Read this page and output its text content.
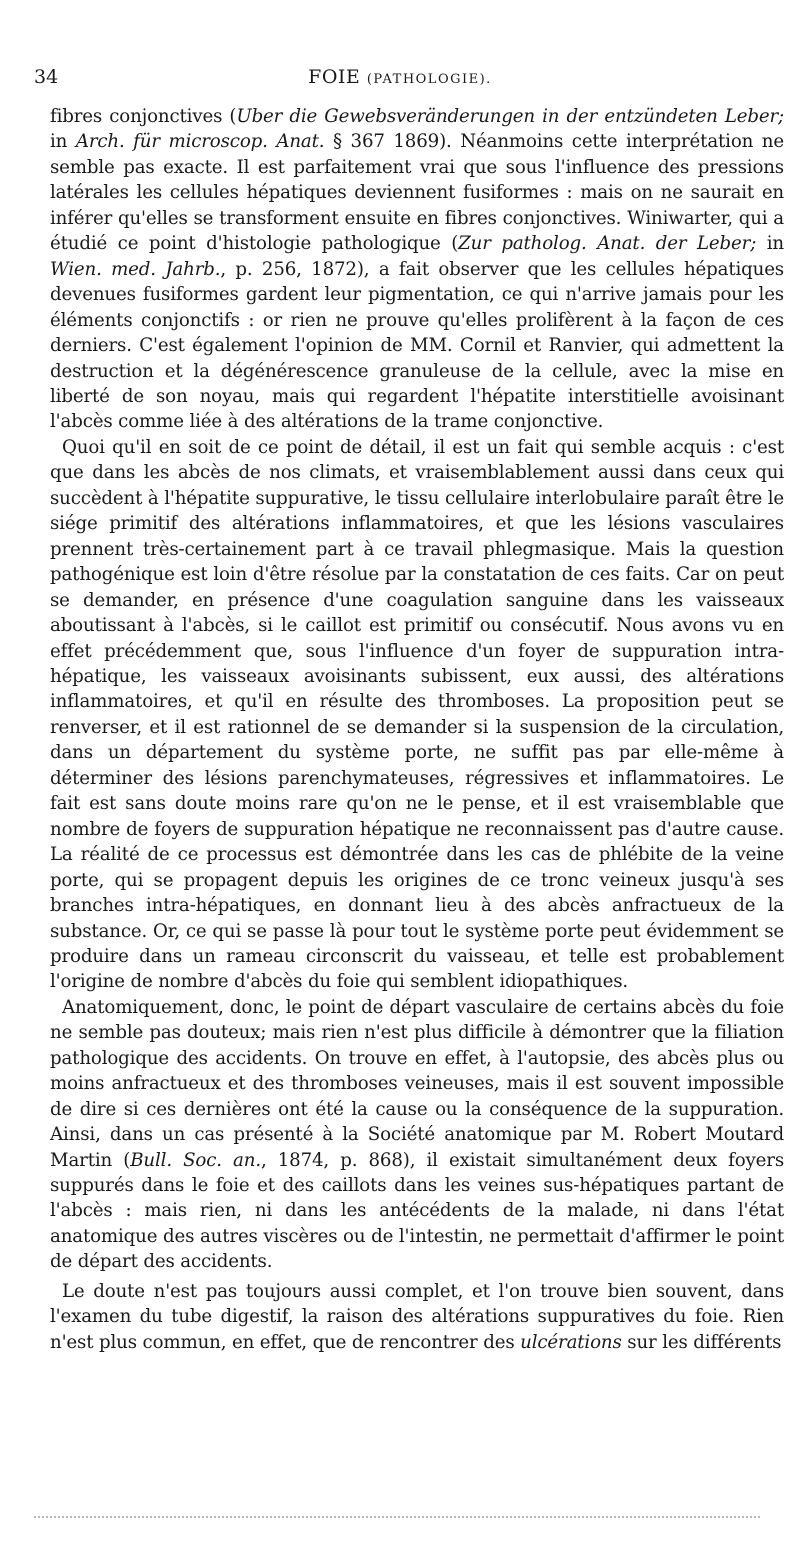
34	FOIE (PATHOLOGIE).

fibres conjonctives (Uber die Gewebsveränderungen in der entzündeten Leber; in Arch. für microscop. Anat. § 367 1869). Néanmoins cette interprétation ne semble pas exacte. Il est parfaitement vrai que sous l'influence des pressions latérales les cellules hépatiques deviennent fusiformes : mais on ne saurait en inférer qu'elles se transforment ensuite en fibres conjonctives. Winiwarter, qui a étudié ce point d'histologie pathologique (Zur patholog. Anat. der Leber; in Wien. med. Jahrb., p. 256, 1872), a fait observer que les cellules hépatiques devenues fusiformes gardent leur pigmentation, ce qui n'arrive jamais pour les éléments conjonctifs : or rien ne prouve qu'elles prolifèrent à la façon de ces derniers. C'est également l'opinion de MM. Cornil et Ranvier, qui admettent la destruction et la dégénérescence granuleuse de la cellule, avec la mise en liberté de son noyau, mais qui regardent l'hépatite interstitielle avoisinant l'abcès comme liée à des altérations de la trame conjonctive.

Quoi qu'il en soit de ce point de détail, il est un fait qui semble acquis : c'est que dans les abcès de nos climats, et vraisemblablement aussi dans ceux qui succèdent à l'hépatite suppurative, le tissu cellulaire interlobulaire paraît être le siége primitif des altérations inflammatoires, et que les lésions vasculaires prennent très-certainement part à ce travail phlegmasique. Mais la question pathogénique est loin d'être résolue par la constatation de ces faits. Car on peut se demander, en présence d'une coagulation sanguine dans les vaisseaux aboutissant à l'abcès, si le caillot est primitif ou consécutif. Nous avons vu en effet précédemment que, sous l'influence d'un foyer de suppuration intra-hépatique, les vaisseaux avoisinants subissent, eux aussi, des altérations inflammatoires, et qu'il en résulte des thromboses. La proposition peut se renverser, et il est rationnel de se demander si la suspension de la circulation, dans un département du système porte, ne suffit pas par elle-même à déterminer des lésions parenchymateuses, régressives et inflammatoires. Le fait est sans doute moins rare qu'on ne le pense, et il est vraisemblable que nombre de foyers de suppuration hépatique ne reconnaissent pas d'autre cause. La réalité de ce processus est démontrée dans les cas de phlébite de la veine porte, qui se propagent depuis les origines de ce tronc veineux jusqu'à ses branches intra-hépatiques, en donnant lieu à des abcès anfractueux de la substance. Or, ce qui se passe là pour tout le système porte peut évidemment se produire dans un rameau circonscrit du vaisseau, et telle est probablement l'origine de nombre d'abcès du foie qui semblent idiopathiques.

Anatomiquement, donc, le point de départ vasculaire de certains abcès du foie ne semble pas douteux; mais rien n'est plus difficile à démontrer que la filiation pathologique des accidents. On trouve en effet, à l'autopsie, des abcès plus ou moins anfractueux et des thromboses veineuses, mais il est souvent impossible de dire si ces dernières ont été la cause ou la conséquence de la suppuration. Ainsi, dans un cas présenté à la Société anatomique par M. Robert Moutard Martin (Bull. Soc. an., 1874, p. 868), il existait simultanément deux foyers suppurés dans le foie et des caillots dans les veines sus-hépatiques partant de l'abcès : mais rien, ni dans les antécédents de la malade, ni dans l'état anatomique des autres viscères ou de l'intestin, ne permettait d'affirmer le point de départ des accidents.

Le doute n'est pas toujours aussi complet, et l'on trouve bien souvent, dans l'examen du tube digestif, la raison des altérations suppuratives du foie. Rien n'est plus commun, en effet, que de rencontrer des ulcérations sur les différents
